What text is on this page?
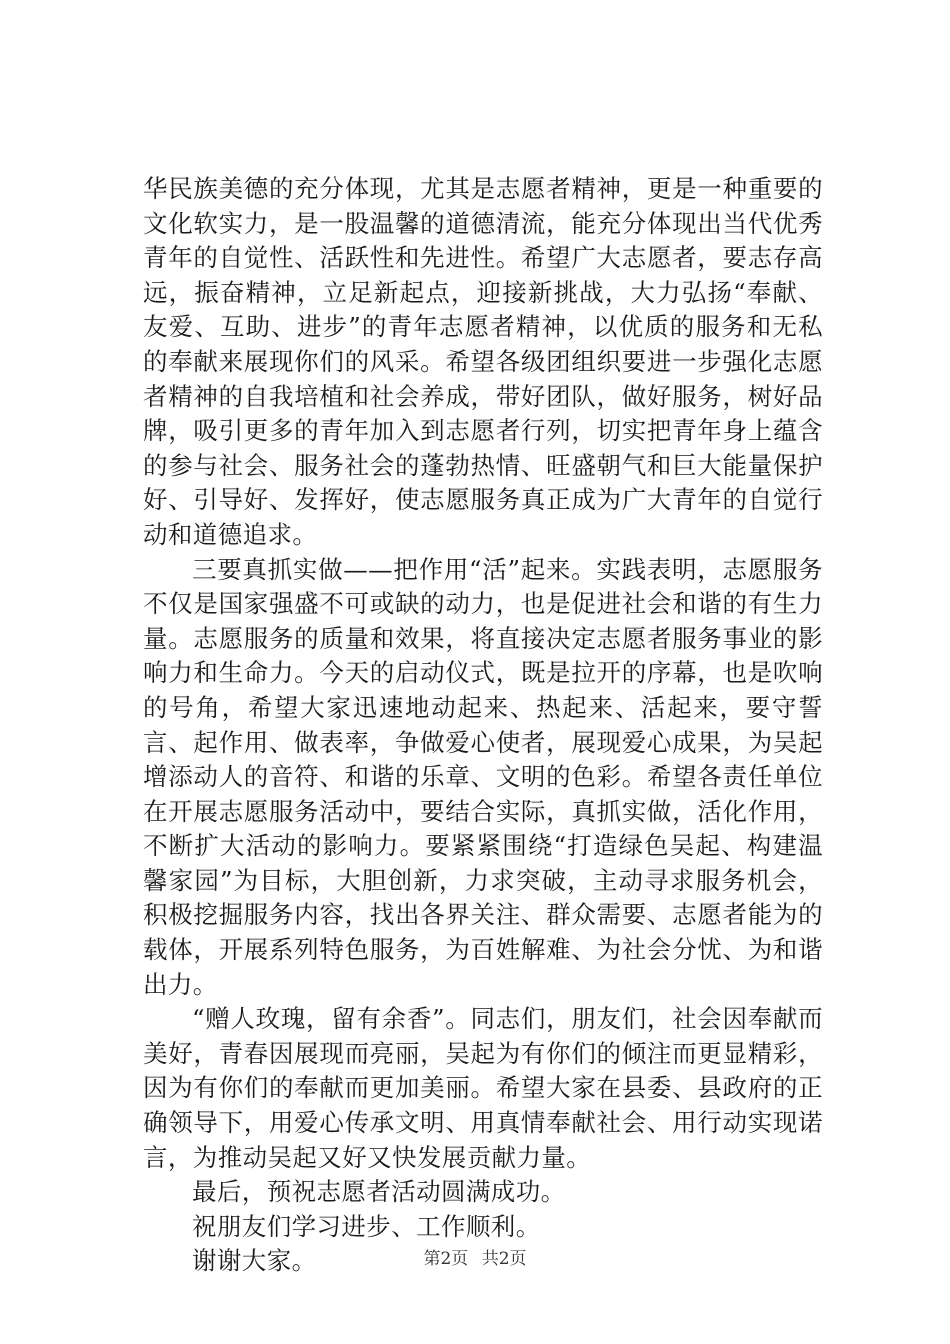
华民族美德的充分体现，尤其是志愿者精神，更是一种重要的文化软实力，是一股温馨的道德清流，能充分体现出当代优秀青年的自觉性、活跃性和先进性。希望广大志愿者，要志存高远，振奋精神，立足新起点，迎接新挑战，大力弘扬“奉献、友爱、互助、进步”的青年志愿者精神，以优质的服务和无私的奉献来展现你们的风采。希望各级团组织要进一步强化志愿者精神的自我培植和社会养成，带好团队，做好服务，树好品牌，吸引更多的青年加入到志愿者行列，切实把青年身上蕴含的参与社会、服务社会的蓬勃热情、旺盛朝气和巨大能量保护好、引导好、发挥好，使志愿服务真正成为广大青年的自觉行动和道德追求。

三要真抓实做——把作用“活”起来。实践表明，志愿服务不仅是国家强盛不可或缺的动力，也是促进社会和谐的有生力量。志愿服务的质量和效果，将直接决定志愿者服务事业的影响力和生命力。今天的启动仪式，既是拉开的序幕，也是吹响的号角，希望大家迅速地动起来、热起来、活起来，要守誓言、起作用、做表率，争做爱心使者，展现爱心成果，为吴起增添动人的音符、和谐的乐章、文明的色彩。希望各责任单位在开展志愿服务活动中，要结合实际，真抓实做，活化作用，不断扩大活动的影响力。要紧紧围绕“打造绿色吴起、构建温馨家园”为目标，大胆创新，力求突破，主动寻求服务机会，积极挖掘服务内容，找出各界关注、群众需要、志愿者能为的载体，开展系列特色服务，为百姓解难、为社会分忧、为和谐出力。

“赠人玫瑰，留有余香”。同志们，朋友们，社会因奉献而美好，青春因展现而亮丽，吴起为有你们的倾注而更显精彩，因为有你们的奉献而更加美丽。希望大家在县委、县政府的正确领导下，用爱心传承文明、用真情奉献社会、用行动实现诺言，为推动吴起又好又快发展贡献力量。

最后，预祝志愿者活动圆满成功。

祝朋友们学习进步、工作顺利。

谢谢大家。	第2页 共2页
